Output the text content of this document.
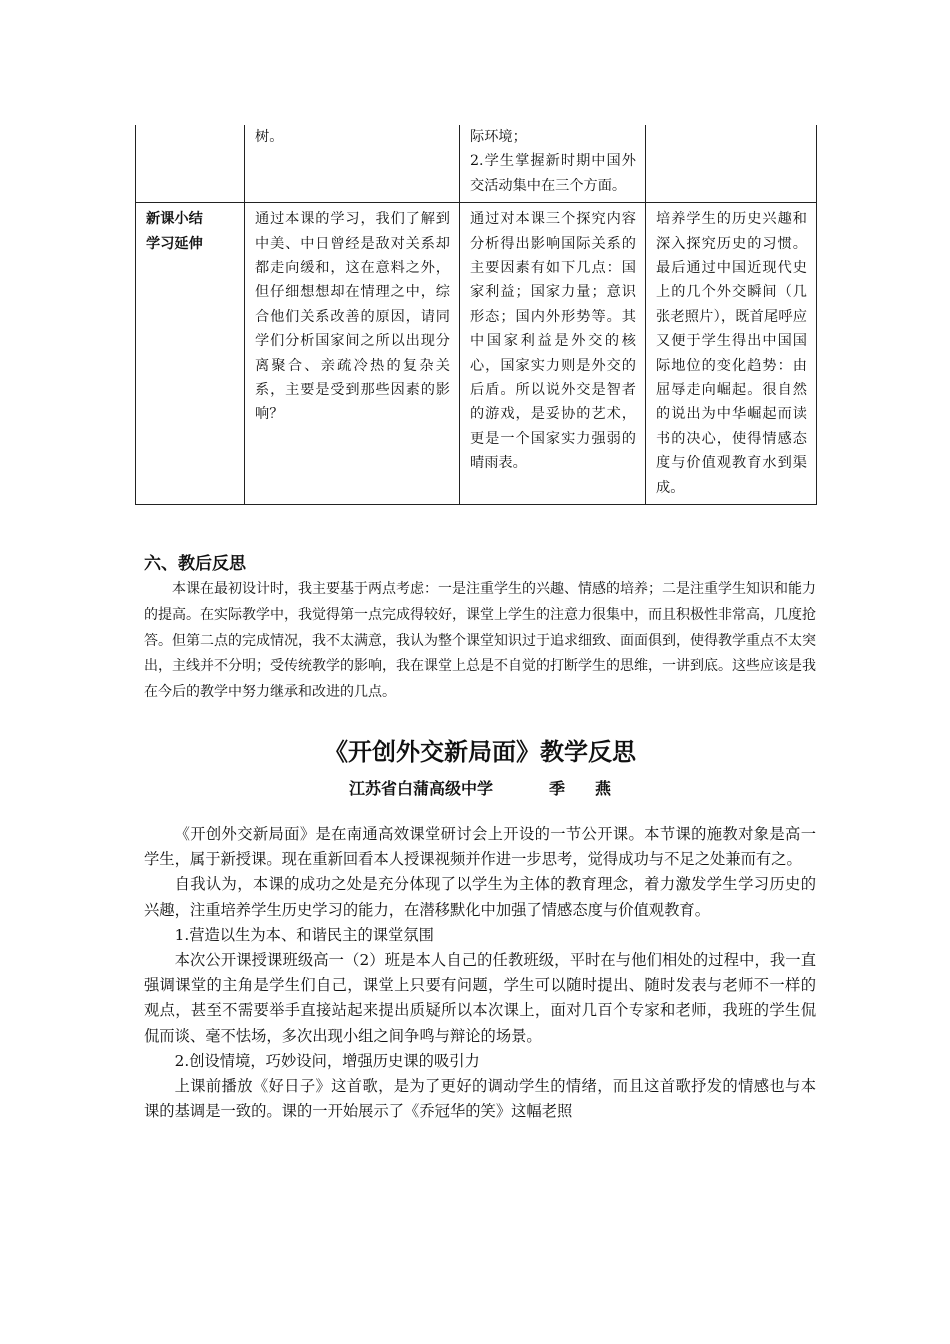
	树。	际环境；
2.学生掌握新时期中国外交活动集中在三个方面。	

新课小结
学习延伸	通过本课的学习，我们了解到中美、中日曾经是敌对关系却都走向缓和，这在意料之外，但仔细想想却在情理之中，综合他们关系改善的原因，请同学们分析国家间之所以出现分离聚合、亲疏冷热的复杂关系，主要是受到那些因素的影响？	通过对本课三个探究内容分析得出影响国际关系的主要因素有如下几点：国家利益；国家力量；意识形态；国内外形势等。其中国家利益是外交的核心，国家实力则是外交的后盾。所以说外交是智者的游戏，是妥协的艺术，更是一个国家实力强弱的晴雨表。	培养学生的历史兴趣和深入探究历史的习惯。最后通过中国近现代史上的几个外交瞬间（几张老照片），既首尾呼应又便于学生得出中国国际地位的变化趋势：由屈辱走向崛起。很自然的说出为中华崛起而读书的决心，使得情感态度与价值观教育水到渠成。
六、教后反思

本课在最初设计时，我主要基于两点考虑：一是注重学生的兴趣、情感的培养；二是注重学生知识和能力的提高。在实际教学中，我觉得第一点完成得较好，课堂上学生的注意力很集中，而且积极性非常高，几度抢答。但第二点的完成情况，我不太满意，我认为整个课堂知识过于追求细致、面面俱到，使得教学重点不太突出，主线并不分明；受传统教学的影响，我在课堂上总是不自觉的打断学生的思维，一讲到底。这些应该是我在今后的教学中努力继承和改进的几点。

《开创外交新局面》教学反思
江苏省白蒲高级中学	季 燕

《开创外交新局面》是在南通高效课堂研讨会上开设的一节公开课。本节课的施教对象是高一学生，属于新授课。现在重新回看本人授课视频并作进一步思考，觉得成功与不足之处兼而有之。

自我认为，本课的成功之处是充分体现了以学生为主体的教育理念，着力激发学生学习历史的兴趣，注重培养学生历史学习的能力，在潜移默化中加强了情感态度与价值观教育。

1.营造以生为本、和谐民主的课堂氛围

本次公开课授课班级高一（2）班是本人自己的任教班级，平时在与他们相处的过程中，我一直强调课堂的主角是学生们自己，课堂上只要有问题，学生可以随时提出、随时发表与老师不一样的观点，甚至不需要举手直接站起来提出质疑所以本次课上，面对几百个专家和老师，我班的学生侃侃而谈、毫不怯场，多次出现小组之间争鸣与辩论的场景。

2.创设情境，巧妙设问，增强历史课的吸引力

上课前播放《好日子》这首歌，是为了更好的调动学生的情绪，而且这首歌抒发的情感也与本课的基调是一致的。课的一开始展示了《乔冠华的笑》这幅老照
